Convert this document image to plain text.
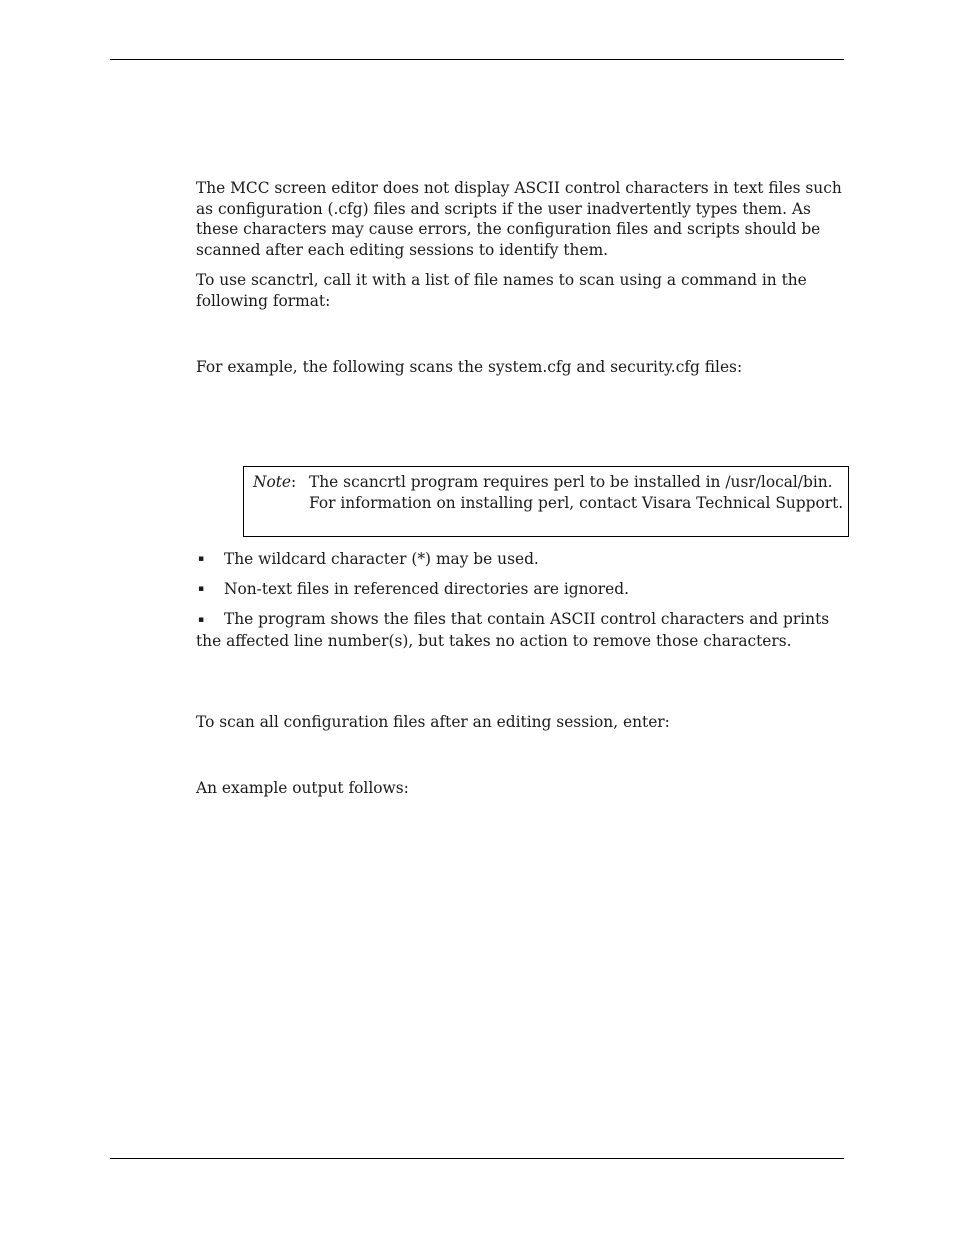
The MCC screen editor does not display ASCII control characters in text files such as configuration (.cfg) files and scripts if the user inadvertently types them. As these characters may cause errors, the configuration files and scripts should be scanned after each editing sessions to identify them.

To use scanctrl, call it with a list of file names to scan using a command in the following format:

For example, the following scans the system.cfg and security.cfg files:

Note: The scancrtl program requires perl to be installed in /usr/local/bin. For information on installing perl, contact Visara Technical Support.

▪ The wildcard character (*) may be used.

▪ Non-text files in referenced directories are ignored.

▪ The program shows the files that contain ASCII control characters and prints the affected line number(s), but takes no action to remove those characters.

To scan all configuration files after an editing session, enter:

An example output follows:
